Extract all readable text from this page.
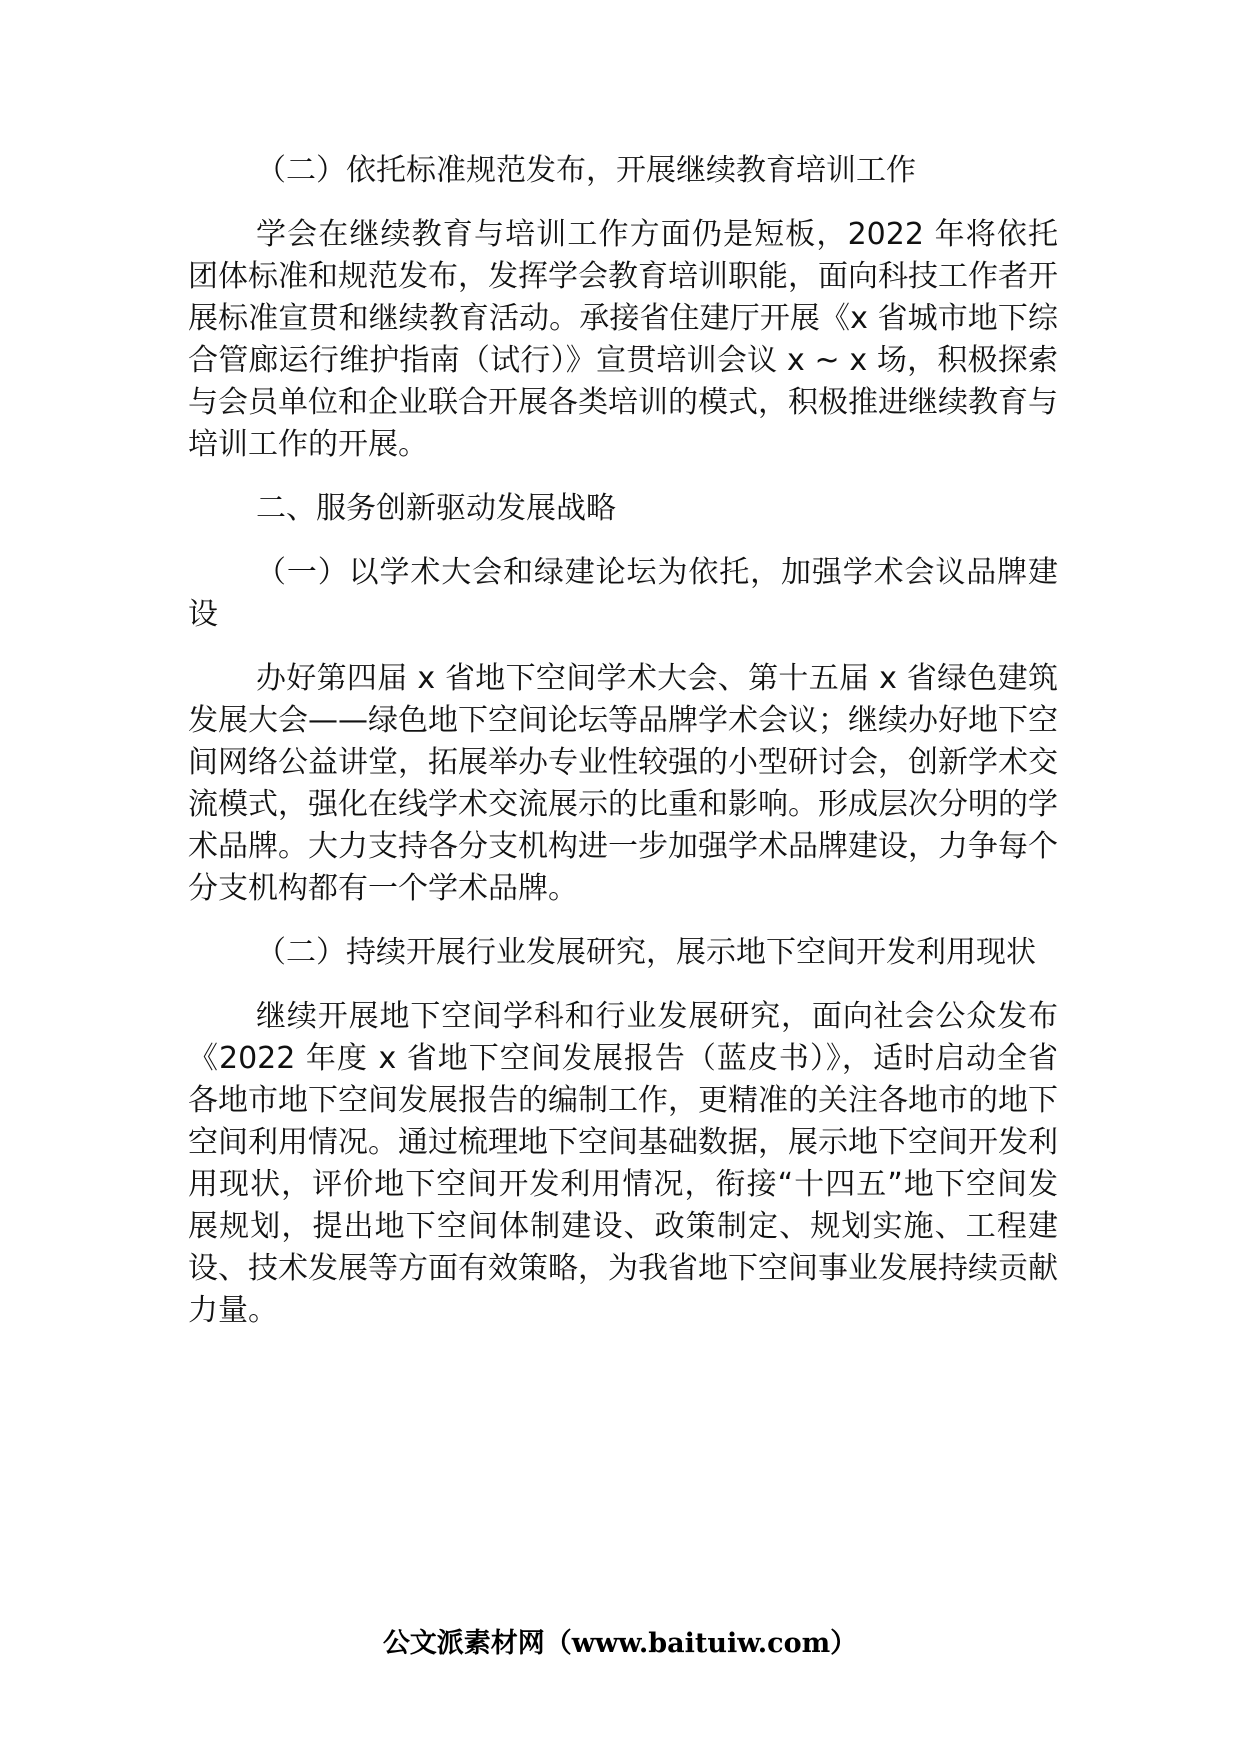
（二）依托标准规范发布，开展继续教育培训工作

学会在继续教育与培训工作方面仍是短板，2022 年将依托团体标准和规范发布，发挥学会教育培训职能，面向科技工作者开展标准宣贯和继续教育活动。承接省住建厅开展《x 省城市地下综合管廊运行维护指南（试行）》宣贯培训会议 x ~ x 场，积极探索与会员单位和企业联合开展各类培训的模式，积极推进继续教育与培训工作的开展。

二、服务创新驱动发展战略

（一）以学术大会和绿建论坛为依托，加强学术会议品牌建设

办好第四届 x 省地下空间学术大会、第十五届 x 省绿色建筑发展大会——绿色地下空间论坛等品牌学术会议；继续办好地下空间网络公益讲堂，拓展举办专业性较强的小型研讨会，创新学术交流模式，强化在线学术交流展示的比重和影响。形成层次分明的学术品牌。大力支持各分支机构进一步加强学术品牌建设，力争每个分支机构都有一个学术品牌。

（二）持续开展行业发展研究，展示地下空间开发利用现状

继续开展地下空间学科和行业发展研究，面向社会公众发布《2022 年度 x 省地下空间发展报告（蓝皮书）》，适时启动全省各地市地下空间发展报告的编制工作，更精准的关注各地市的地下空间利用情况。通过梳理地下空间基础数据，展示地下空间开发利用现状，评价地下空间开发利用情况，衔接“十四五”地下空间发展规划，提出地下空间体制建设、政策制定、规划实施、工程建设、技术发展等方面有效策略，为我省地下空间事业发展持续贡献力量。

公文派素材网（www.baituiw.com）
